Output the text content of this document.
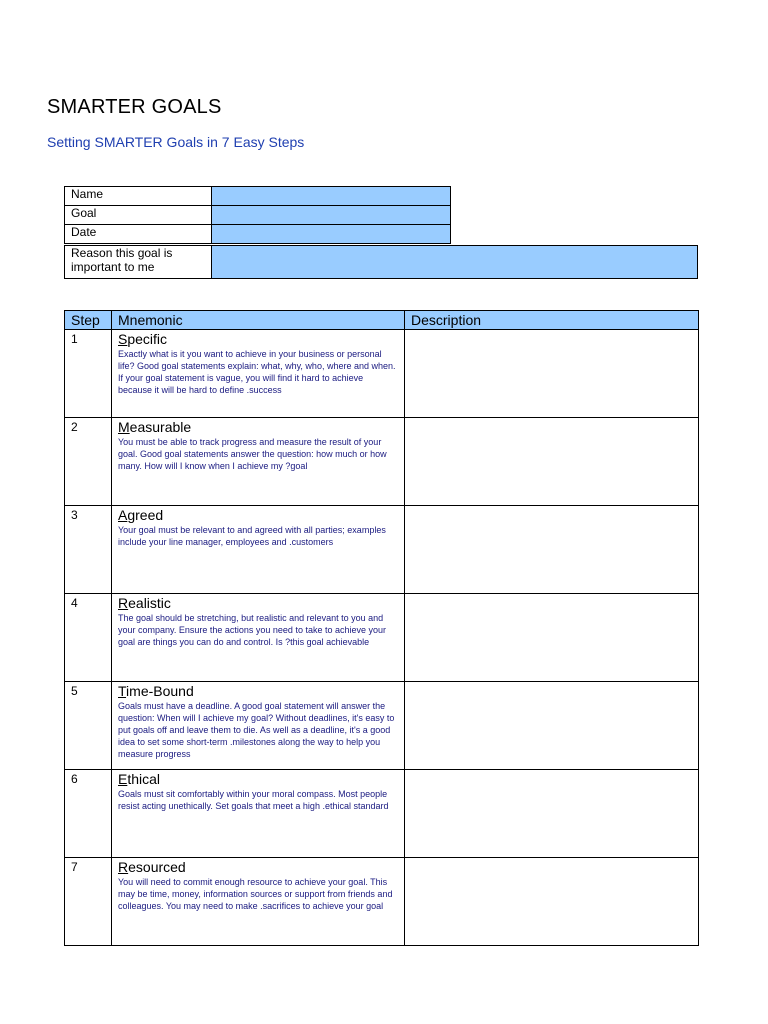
SMARTER GOALS
Setting SMARTER Goals in 7 Easy Steps
Name	
Goal	
Date	
Reason this goal is important to me	
Step	Mnemonic	Description
1	Specific
Exactly what is it you want to achieve in your business or personal life? Good goal statements explain: what, why, who, where and when. If your goal statement is vague, you will find it hard to achieve because it will be hard to define .success	

2	Measurable
You must be able to track progress and measure the result of your goal. Good goal statements answer the question: how much or how many. How will I know when I achieve my ?goal	

3	Agreed
Your goal must be relevant to and agreed with all parties; examples include your line manager, employees and .customers	

4	Realistic
The goal should be stretching, but realistic and relevant to you and your company. Ensure the actions you need to take to achieve your goal are things you can do and control. Is ?this goal achievable	

5	Time-Bound
Goals must have a deadline. A good goal statement will answer the question: When will I achieve my goal? Without deadlines, it's easy to put goals off and leave them to die. As well as a deadline, it's a good idea to set some short-term .milestones along the way to help you measure progress	

6	Ethical
Goals must sit comfortably within your moral compass. Most people resist acting unethically. Set goals that meet a high .ethical standard	

7	Resourced
You will need to commit enough resource to achieve your goal. This may be time, money, information sources or support from friends and colleagues. You may need to make .sacrifices to achieve your goal	
